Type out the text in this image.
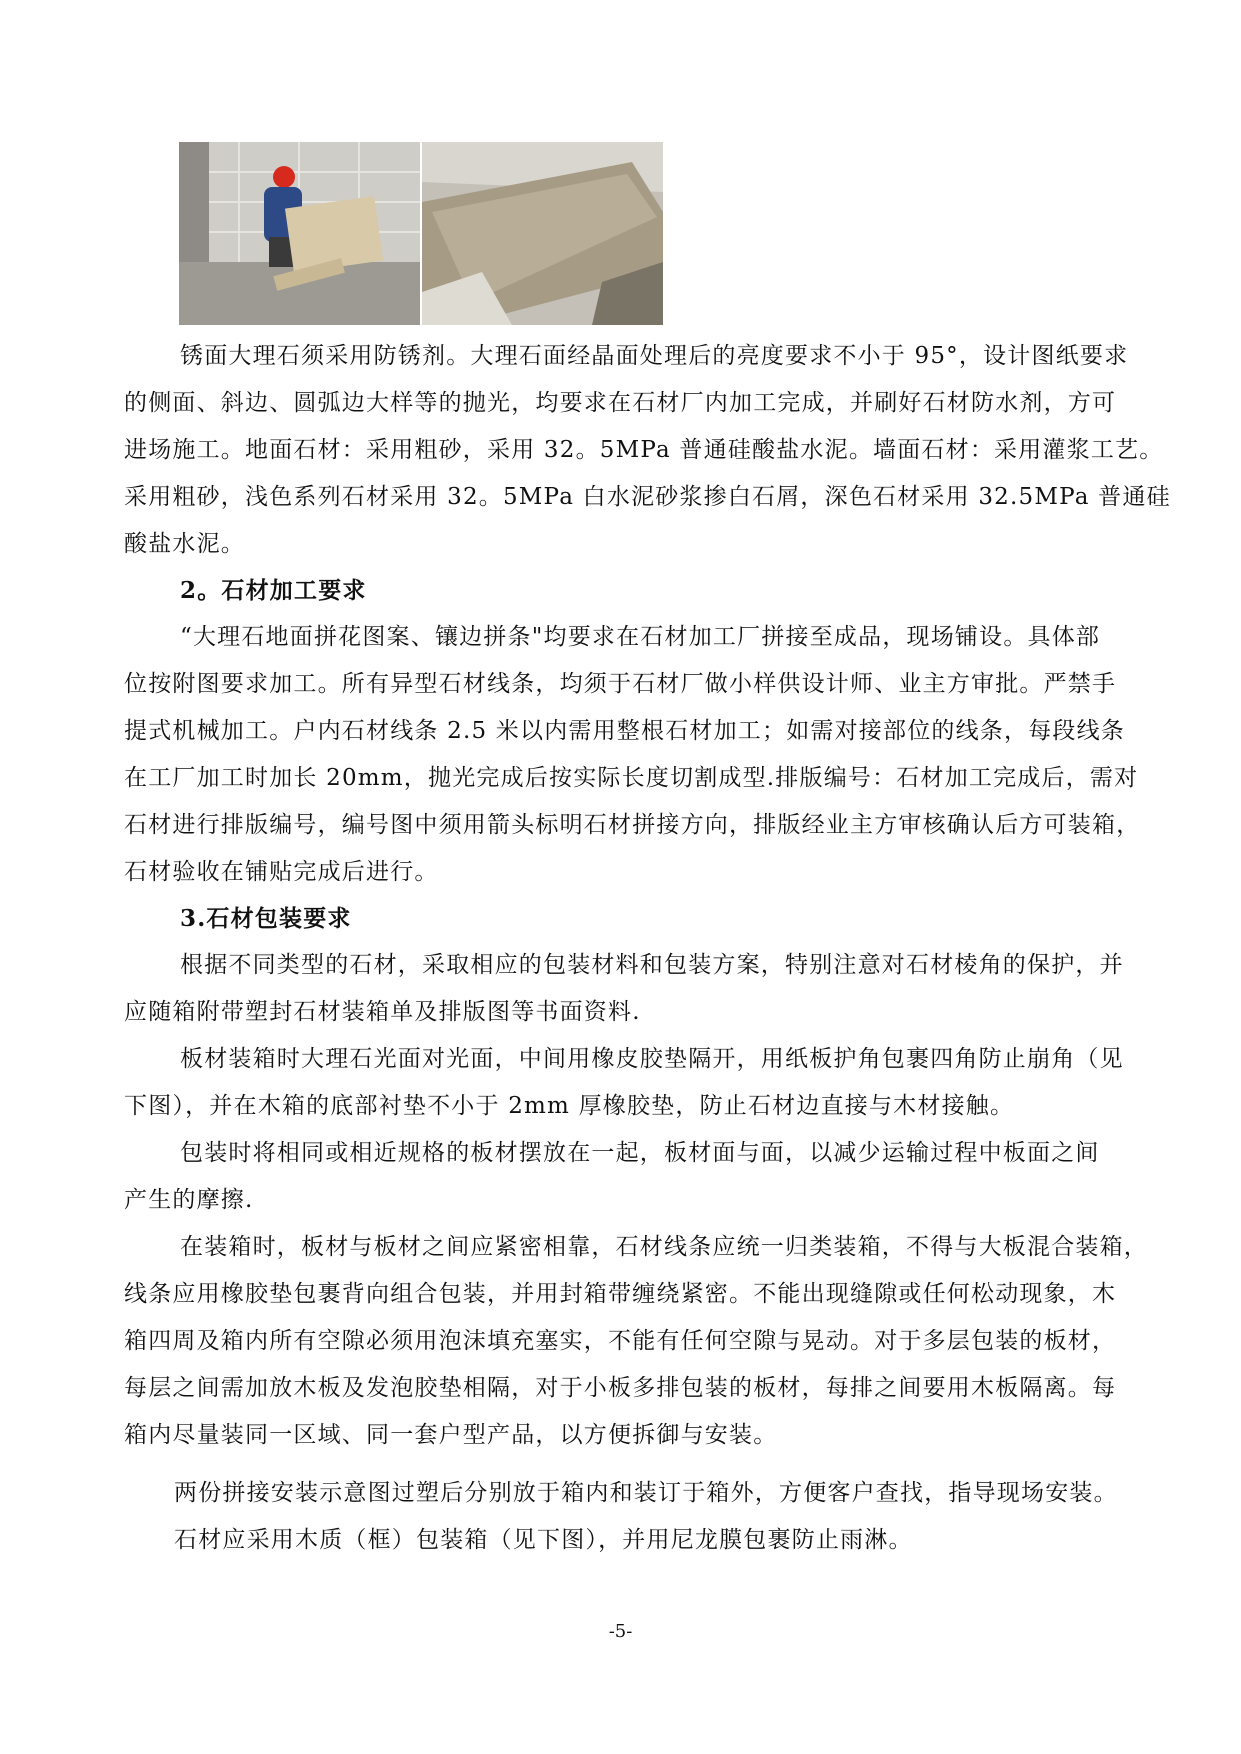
锈面大理石须采用防锈剂。大理石面经晶面处理后的亮度要求不小于 95°，设计图纸要求
的侧面、斜边、圆弧边大样等的抛光，均要求在石材厂内加工完成，并刷好石材防水剂，方可
进场施工。地面石材：采用粗砂，采用 32。5MPa 普通硅酸盐水泥。墙面石材：采用灌浆工艺。
采用粗砂，浅色系列石材采用 32。5MPa 白水泥砂浆掺白石屑，深色石材采用 32.5MPa 普通硅
酸盐水泥。
2。石材加工要求
“大理石地面拼花图案、镶边拼条"均要求在石材加工厂拼接至成品，现场铺设。具体部
位按附图要求加工。所有异型石材线条，均须于石材厂做小样供设计师、业主方审批。严禁手
提式机械加工。户内石材线条 2.5 米以内需用整根石材加工；如需对接部位的线条，每段线条
在工厂加工时加长 20mm，抛光完成后按实际长度切割成型.排版编号：石材加工完成后，需对
石材进行排版编号，编号图中须用箭头标明石材拼接方向，排版经业主方审核确认后方可装箱，
石材验收在铺贴完成后进行。
3.石材包装要求
根据不同类型的石材，采取相应的包装材料和包装方案，特别注意对石材棱角的保护，并
应随箱附带塑封石材装箱单及排版图等书面资料.
板材装箱时大理石光面对光面，中间用橡皮胶垫隔开，用纸板护角包裹四角防止崩角（见
下图），并在木箱的底部衬垫不小于 2mm 厚橡胶垫，防止石材边直接与木材接触。
包装时将相同或相近规格的板材摆放在一起，板材面与面，以减少运输过程中板面之间
产生的摩擦.
在装箱时，板材与板材之间应紧密相靠，石材线条应统一归类装箱，不得与大板混合装箱，
线条应用橡胶垫包裹背向组合包装，并用封箱带缠绕紧密。不能出现缝隙或任何松动现象，木
箱四周及箱内所有空隙必须用泡沫填充塞实，不能有任何空隙与晃动。对于多层包装的板材，
每层之间需加放木板及发泡胶垫相隔，对于小板多排包装的板材，每排之间要用木板隔离。每
箱内尽量装同一区域、同一套户型产品，以方便拆御与安装。
两份拼接安装示意图过塑后分别放于箱内和装订于箱外，方便客户查找，指导现场安装。
石材应采用木质（框）包装箱（见下图），并用尼龙膜包裹防止雨淋。
-5-
